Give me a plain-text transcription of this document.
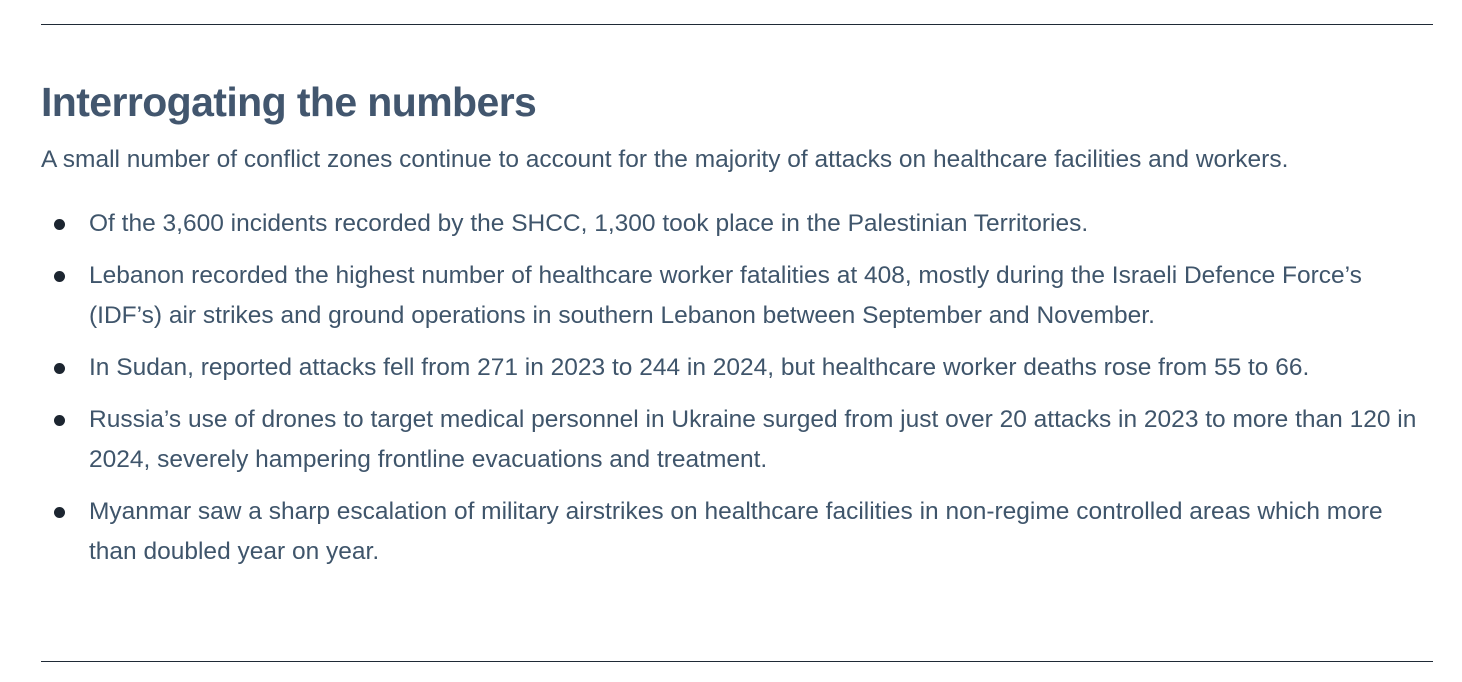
Interrogating the numbers

A small number of conflict zones continue to account for the majority of attacks on healthcare facilities and workers.

Of the 3,600 incidents recorded by the SHCC, 1,300 took place in the Palestinian Territories.
Lebanon recorded the highest number of healthcare worker fatalities at 408, mostly during the Israeli Defence Force’s (IDF’s) air strikes and ground operations in southern Lebanon between September and November.
In Sudan, reported attacks fell from 271 in 2023 to 244 in 2024, but healthcare worker deaths rose from 55 to 66.
Russia’s use of drones to target medical personnel in Ukraine surged from just over 20 attacks in 2023 to more than 120 in 2024, severely hampering frontline evacuations and treatment.
Myanmar saw a sharp escalation of military airstrikes on healthcare facilities in non-regime controlled areas which more than doubled year on year.
